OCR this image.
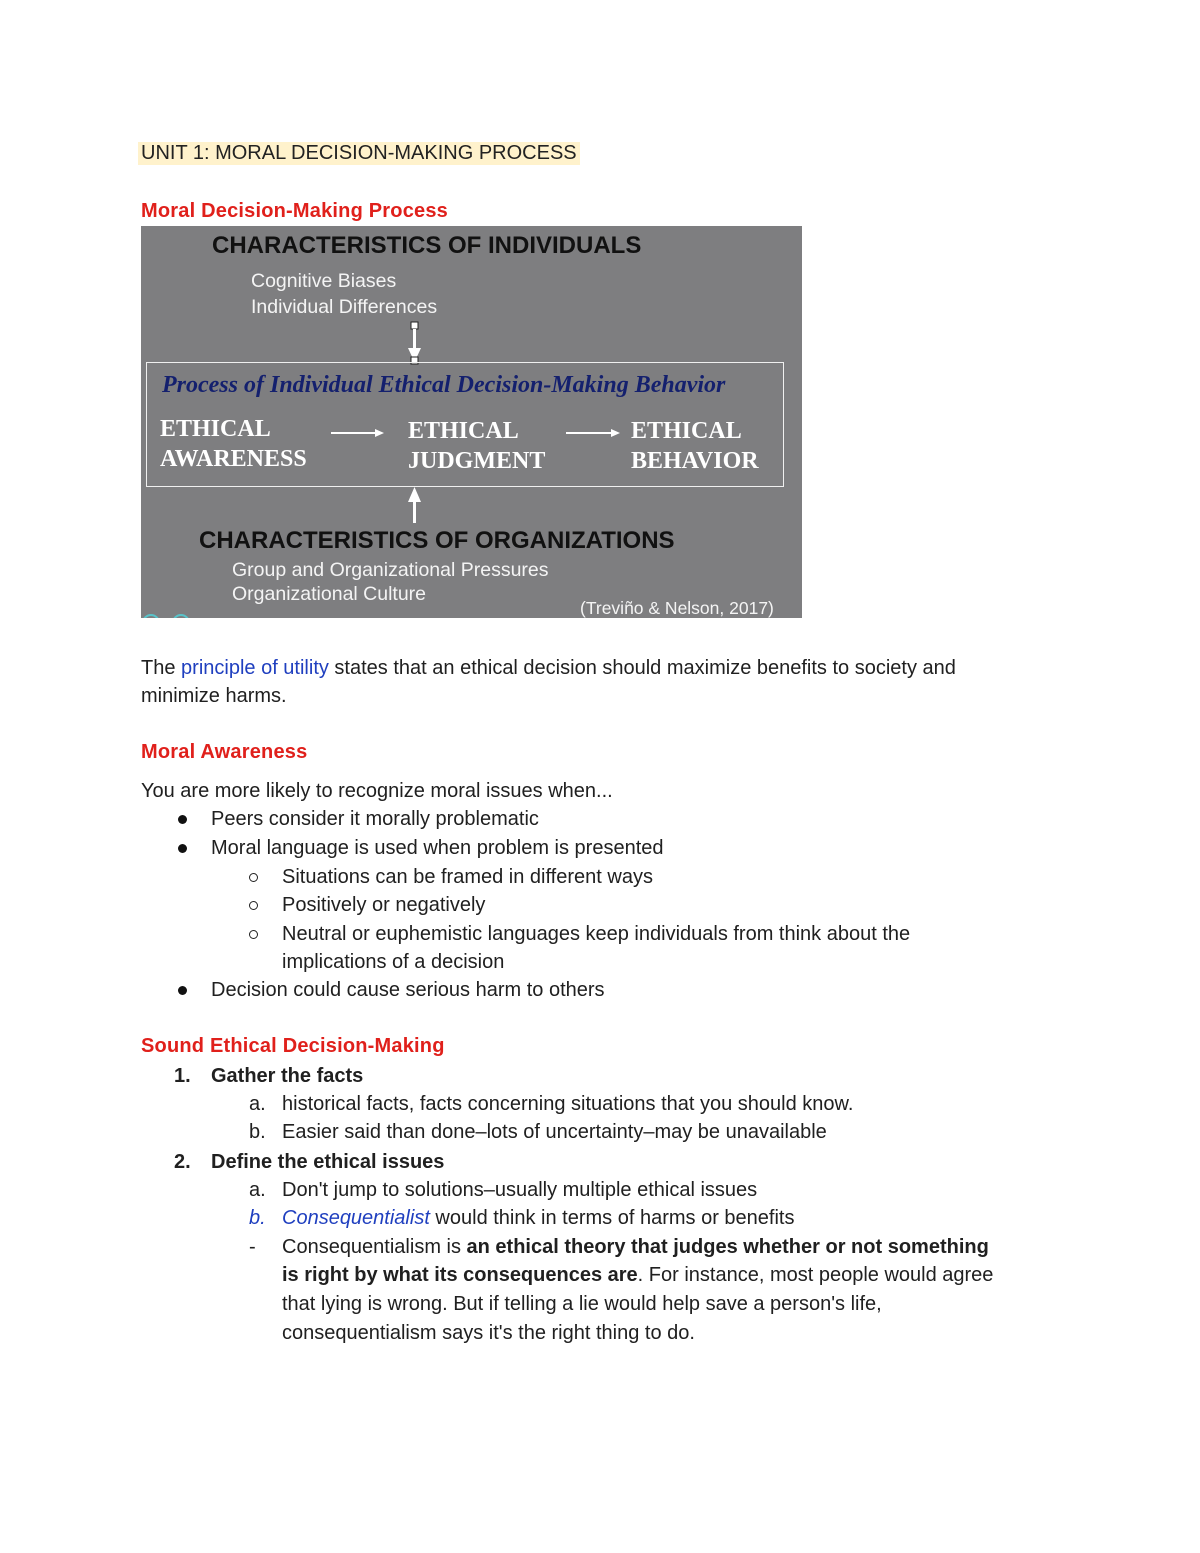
UNIT 1: MORAL DECISION-MAKING PROCESS
Moral Decision-Making Process
CHARACTERISTICS OF INDIVIDUALS
Cognitive Biases
Individual Differences
Process of Individual Ethical Decision-Making Behavior
ETHICAL
AWARENESS
ETHICAL
JUDGMENT
ETHICAL
BEHAVIOR
CHARACTERISTICS OF ORGANIZATIONS
Group and Organizational Pressures
Organizational Culture
(Treviño & Nelson, 2017)
The principle of utility states that an ethical decision should maximize benefits to society and
minimize harms.
Moral Awareness
You are more likely to recognize moral issues when...
Peers consider it morally problematic
Moral language is used when problem is presented
Situations can be framed in different ways
Positively or negatively
Neutral or euphemistic languages keep individuals from think about the
implications of a decision
Decision could cause serious harm to others
Sound Ethical Decision-Making
1. Gather the facts
a. historical facts, facts concerning situations that you should know.
b. Easier said than done–lots of uncertainty–may be unavailable
2. Define the ethical issues
a. Don't jump to solutions–usually multiple ethical issues
b. Consequentialist would think in terms of harms or benefits
- Consequentialism is an ethical theory that judges whether or not something
is right by what its consequences are. For instance, most people would agree
that lying is wrong. But if telling a lie would help save a person's life,
consequentialism says it's the right thing to do.
